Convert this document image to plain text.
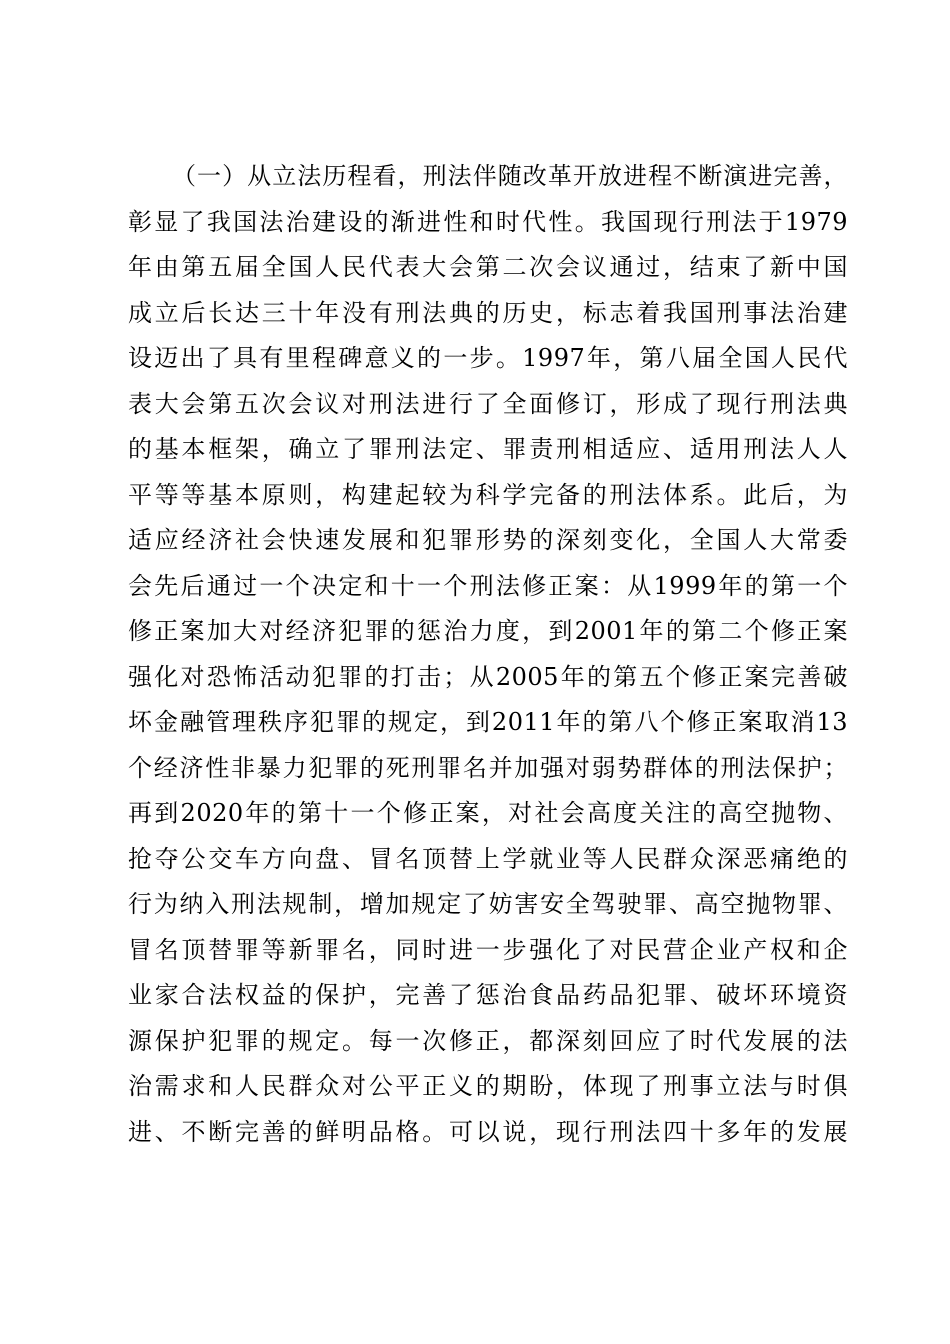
（一）从立法历程看，刑法伴随改革开放进程不断演进完善，
彰显了我国法治建设的渐进性和时代性。我国现行刑法于1979
年由第五届全国人民代表大会第二次会议通过，结束了新中国
成立后长达三十年没有刑法典的历史，标志着我国刑事法治建
设迈出了具有里程碑意义的一步。1997年，第八届全国人民代
表大会第五次会议对刑法进行了全面修订，形成了现行刑法典
的基本框架，确立了罪刑法定、罪责刑相适应、适用刑法人人
平等等基本原则，构建起较为科学完备的刑法体系。此后，为
适应经济社会快速发展和犯罪形势的深刻变化，全国人大常委
会先后通过一个决定和十一个刑法修正案：从1999年的第一个
修正案加大对经济犯罪的惩治力度，到2001年的第二个修正案
强化对恐怖活动犯罪的打击；从2005年的第五个修正案完善破
坏金融管理秩序犯罪的规定，到2011年的第八个修正案取消13
个经济性非暴力犯罪的死刑罪名并加强对弱势群体的刑法保护；
再到2020年的第十一个修正案，对社会高度关注的高空抛物、
抢夺公交车方向盘、冒名顶替上学就业等人民群众深恶痛绝的
行为纳入刑法规制，增加规定了妨害安全驾驶罪、高空抛物罪、
冒名顶替罪等新罪名，同时进一步强化了对民营企业产权和企
业家合法权益的保护，完善了惩治食品药品犯罪、破坏环境资
源保护犯罪的规定。每一次修正，都深刻回应了时代发展的法
治需求和人民群众对公平正义的期盼，体现了刑事立法与时俱
进、不断完善的鲜明品格。可以说，现行刑法四十多年的发展
